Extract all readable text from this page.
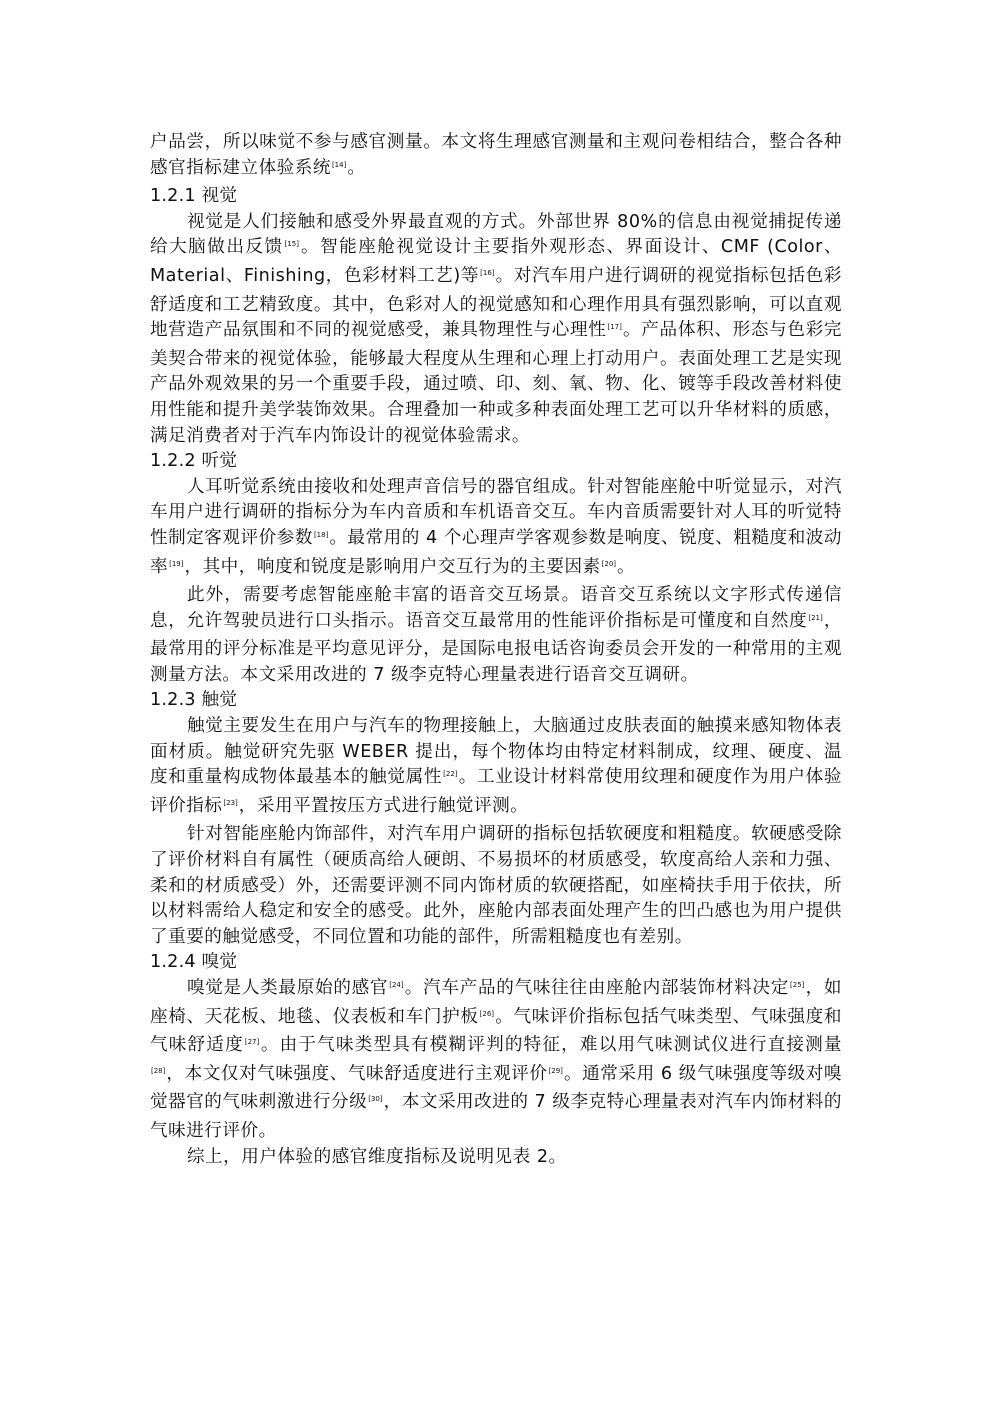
户品尝，所以味觉不参与感官测量。本文将生理感官测量和主观问卷相结合，整合各种感官指标建立体验系统[14]。

1.2.1 视觉

视觉是人们接触和感受外界最直观的方式。外部世界 80%的信息由视觉捕捉传递给大脑做出反馈[15]。智能座舱视觉设计主要指外观形态、界面设计、CMF (Color、Material、Finishing，色彩材料工艺)等[16]。对汽车用户进行调研的视觉指标包括色彩舒适度和工艺精致度。其中，色彩对人的视觉感知和心理作用具有强烈影响，可以直观地营造产品氛围和不同的视觉感受，兼具物理性与心理性[17]。产品体积、形态与色彩完美契合带来的视觉体验，能够最大程度从生理和心理上打动用户。表面处理工艺是实现产品外观效果的另一个重要手段，通过喷、印、刻、氧、物、化、镀等手段改善材料使用性能和提升美学装饰效果。合理叠加一种或多种表面处理工艺可以升华材料的质感，满足消费者对于汽车内饰设计的视觉体验需求。

1.2.2 听觉

人耳听觉系统由接收和处理声音信号的器官组成。针对智能座舱中听觉显示，对汽车用户进行调研的指标分为车内音质和车机语音交互。车内音质需要针对人耳的听觉特性制定客观评价参数[18]。最常用的 4 个心理声学客观参数是响度、锐度、粗糙度和波动率[19]，其中，响度和锐度是影响用户交互行为的主要因素[20]。

此外，需要考虑智能座舱丰富的语音交互场景。语音交互系统以文字形式传递信息，允许驾驶员进行口头指示。语音交互最常用的性能评价指标是可懂度和自然度[21]，最常用的评分标准是平均意见评分，是国际电报电话咨询委员会开发的一种常用的主观测量方法。本文采用改进的 7 级李克特心理量表进行语音交互调研。

1.2.3 触觉

触觉主要发生在用户与汽车的物理接触上，大脑通过皮肤表面的触摸来感知物体表面材质。触觉研究先驱 WEBER 提出，每个物体均由特定材料制成，纹理、硬度、温度和重量构成物体最基本的触觉属性[22]。工业设计材料常使用纹理和硬度作为用户体验评价指标[23]，采用平置按压方式进行触觉评测。

针对智能座舱内饰部件，对汽车用户调研的指标包括软硬度和粗糙度。软硬感受除了评价材料自有属性（硬质高给人硬朗、不易损坏的材质感受，软度高给人亲和力强、柔和的材质感受）外，还需要评测不同内饰材质的软硬搭配，如座椅扶手用于依扶，所以材料需给人稳定和安全的感受。此外，座舱内部表面处理产生的凹凸感也为用户提供了重要的触觉感受，不同位置和功能的部件，所需粗糙度也有差别。

1.2.4 嗅觉

嗅觉是人类最原始的感官[24]。汽车产品的气味往往由座舱内部装饰材料决定[25]，如座椅、天花板、地毯、仪表板和车门护板[26]。气味评价指标包括气味类型、气味强度和气味舒适度[27]。由于气味类型具有模糊评判的特征，难以用气味测试仪进行直接测量[28]，本文仅对气味强度、气味舒适度进行主观评价[29]。通常采用 6 级气味强度等级对嗅觉器官的气味刺激进行分级[30]，本文采用改进的 7 级李克特心理量表对汽车内饰材料的气味进行评价。

综上，用户体验的感官维度指标及说明见表 2。
